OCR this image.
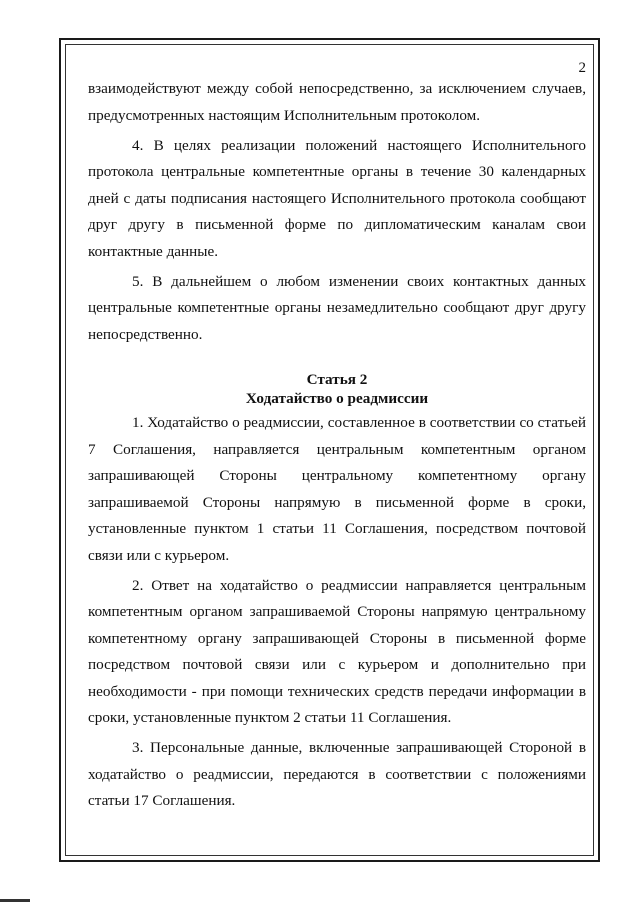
2

взаимодействуют между собой непосредственно, за исключением случаев, предусмотренных настоящим Исполнительным протоколом.

4. В целях реализации положений настоящего Исполнительного протокола центральные компетентные органы в течение 30 календарных дней с даты подписания настоящего Исполнительного протокола сообщают друг другу в письменной форме по дипломатическим каналам свои контактные данные.

5. В дальнейшем о любом изменении своих контактных данных центральные компетентные органы незамедлительно сообщают друг другу непосредственно.

Статья 2
Ходатайство о реадмиссии

1. Ходатайство о реадмиссии, составленное в соответствии со статьей 7 Соглашения, направляется центральным компетентным органом запрашивающей Стороны центральному компетентному органу запрашиваемой Стороны напрямую в письменной форме в сроки, установленные пунктом 1 статьи 11 Соглашения, посредством почтовой связи или с курьером.

2. Ответ на ходатайство о реадмиссии направляется центральным компетентным органом запрашиваемой Стороны напрямую центральному компетентному органу запрашивающей Стороны в письменной форме посредством почтовой связи или с курьером и дополнительно при необходимости - при помощи технических средств передачи информации в сроки, установленные пунктом 2 статьи 11 Соглашения.

3. Персональные данные, включенные запрашивающей Стороной в ходатайство о реадмиссии, передаются в соответствии с положениями статьи 17 Соглашения.
